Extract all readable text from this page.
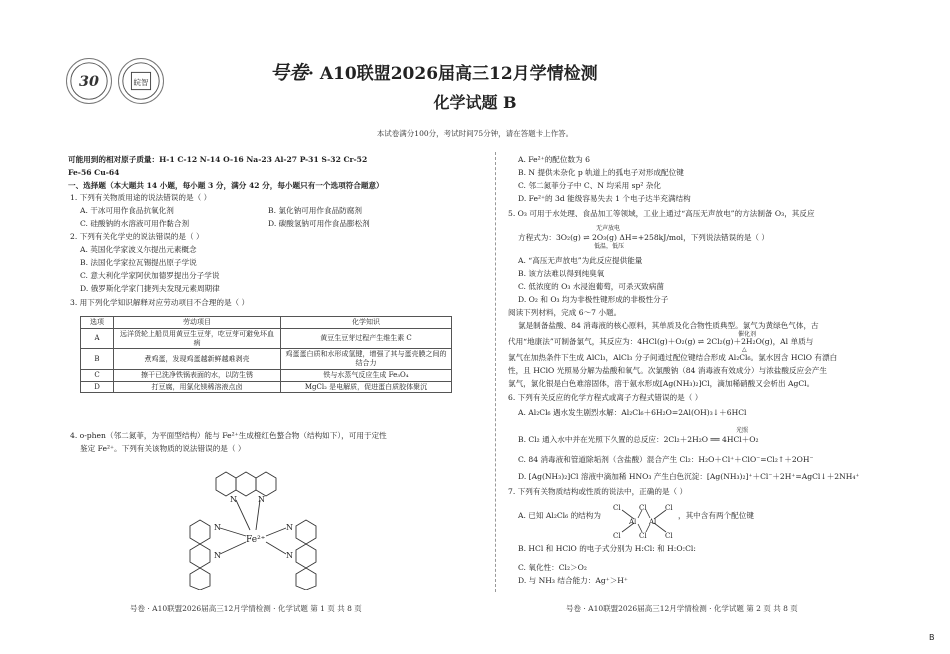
30	皖智	号卷· A10联盟2026届高三12月学情检测
化学试题 B
本试卷满分100分，考试时间75分钟，请在答题卡上作答。
可能用到的相对原子质量：H-1 C-12 N-14 O-16 Na-23 Al-27 P-31 S-32 Cr-52
Fe-56 Cu-64
一、选择题（本大题共 14 小题，每小题 3 分，满分 42 分，每小题只有一个选项符合题意）
1. 下列有关物质用途的说法错误的是（ ）
A. 干冰可用作食品抗氧化剂	B. 氯化钠可用作食品防腐剂
C. 硅酸钠的水溶液可用作黏合剂	D. 碳酸氢钠可用作食品膨松剂
2. 下列有关化学史的说法错误的是（ ）
A. 英国化学家波义尔提出元素概念
B. 法国化学家拉瓦锡提出原子学说
C. 意大利化学家阿伏加德罗提出分子学说
D. 俄罗斯化学家门捷列夫发现元素周期律
3. 用下列化学知识解释对应劳动项目不合理的是（ ）
4. o-phen（邻二氮菲，为平面型结构）能与 Fe²⁺生成橙红色螯合物（结构如下），可用于定性
鉴定 Fe²⁺。下列有关该物质的说法错误的是（ ）
选项	劳动项目	化学知识
A	远洋货轮上船员用黄豆生豆芽，吃豆芽可避免坏血病	黄豆生豆芽过程产生维生素 C
B	煮鸡蛋，发现鸡蛋越新鲜越难剥壳	鸡蛋蛋白质和水形成氢键，增强了其与蛋壳膜之间的结合力
C	擦干已洗净铁锅表面的水，以防生锈	铁与水蒸气反应生成 Fe₃O₄
D	打豆腐，用氯化镁稀溶液点卤	MgCl₂ 是电解质，促进蛋白质胶体聚沉
N	N
N
N
N
N
Fe²⁺
号卷 · A10联盟2026届高三12月学情检测 · 化学试题 第 1 页 共 8 页
A. Fe²⁺的配位数为 6
B. N 提供未杂化 p 轨道上的孤电子对形成配位键
C. 邻二氮菲分子中 C、N 均采用 sp² 杂化
D. Fe²⁺的 3d 能级容易失去 1 个电子达半充满结构
5. O₃ 可用于水处理、食品加工等领域，工业上通过“高压无声放电”的方法制备 O₃，其反应
无声放电
方程式为：3O₂(g) ⇌ 2O₃(g) ΔH=+258kJ/mol，下列说法错误的是（ ）
低温，低压
A. “高压无声放电”为此反应提供能量
B. 该方法难以得到纯臭氧
C. 低浓度的 O₃ 水浸泡葡萄，可杀灭致病菌
D. O₂ 和 O₃ 均为非极性键形成的非极性分子
阅读下列材料，完成 6～7 小题。
氯是制备盐酸、84 消毒液的核心原料，其单质及化合物性质典型。氯气为黄绿色气体，古
催化剂
代用“地康法”可制备氯气，其反应为：4HCl(g)＋O₂(g) ⇌ 2Cl₂(g)＋2H₂O(g)，Al 单质与
△
氯气在加热条件下生成 AlCl₃，AlCl₃ 分子间通过配位键结合形成 Al₂Cl₆。氯水因含 HClO 有漂白
性，且 HClO 光照易分解为盐酸和氧气。次氯酸钠（84 消毒液有效成分）与浓盐酸反应会产生
氯气，氯化银是白色难溶固体，溶于氨水形成[Ag(NH₃)₂]Cl，滴加稀硝酸又会析出 AgCl。
6. 下列有关反应的化学方程式或离子方程式错误的是（ ）
A. Al₂Cl₆ 遇水发生剧烈水解：Al₂Cl₆＋6H₂O=2Al(OH)₃↓＋6HCl
光照
B. Cl₂ 通入水中并在光照下久置的总反应：2Cl₂＋2H₂O ══ 4HCl＋O₂
C. 84 消毒液和管道除垢剂（含盐酸）混合产生 Cl₂：H₂O＋Cl⁺＋ClO⁻=Cl₂↑＋2OH⁻
D. [Ag(NH₃)₂]Cl 溶液中滴加稀 HNO₃ 产生白色沉淀：[Ag(NH₃)₂]⁺＋Cl⁻＋2H⁺=AgCl↓＋2NH₄⁺
7. 下列有关物质结构或性质的说法中，正确的是（ ）
A. 已知 Al₂Cl₆ 的结构为	，其中含有两个配位键
B. HCl 和 HClO 的电子式分别为 H:Cl: 和 H:O:Cl:
C. 氧化性：Cl₂＞O₂
D. 与 NH₃ 结合能力：Ag⁺＞H⁺
Cl
Cl
Cl
Cl
Cl
Cl
Al Al
号卷 · A10联盟2026届高三12月学情检测 · 化学试题 第 2 页 共 8 页
B
